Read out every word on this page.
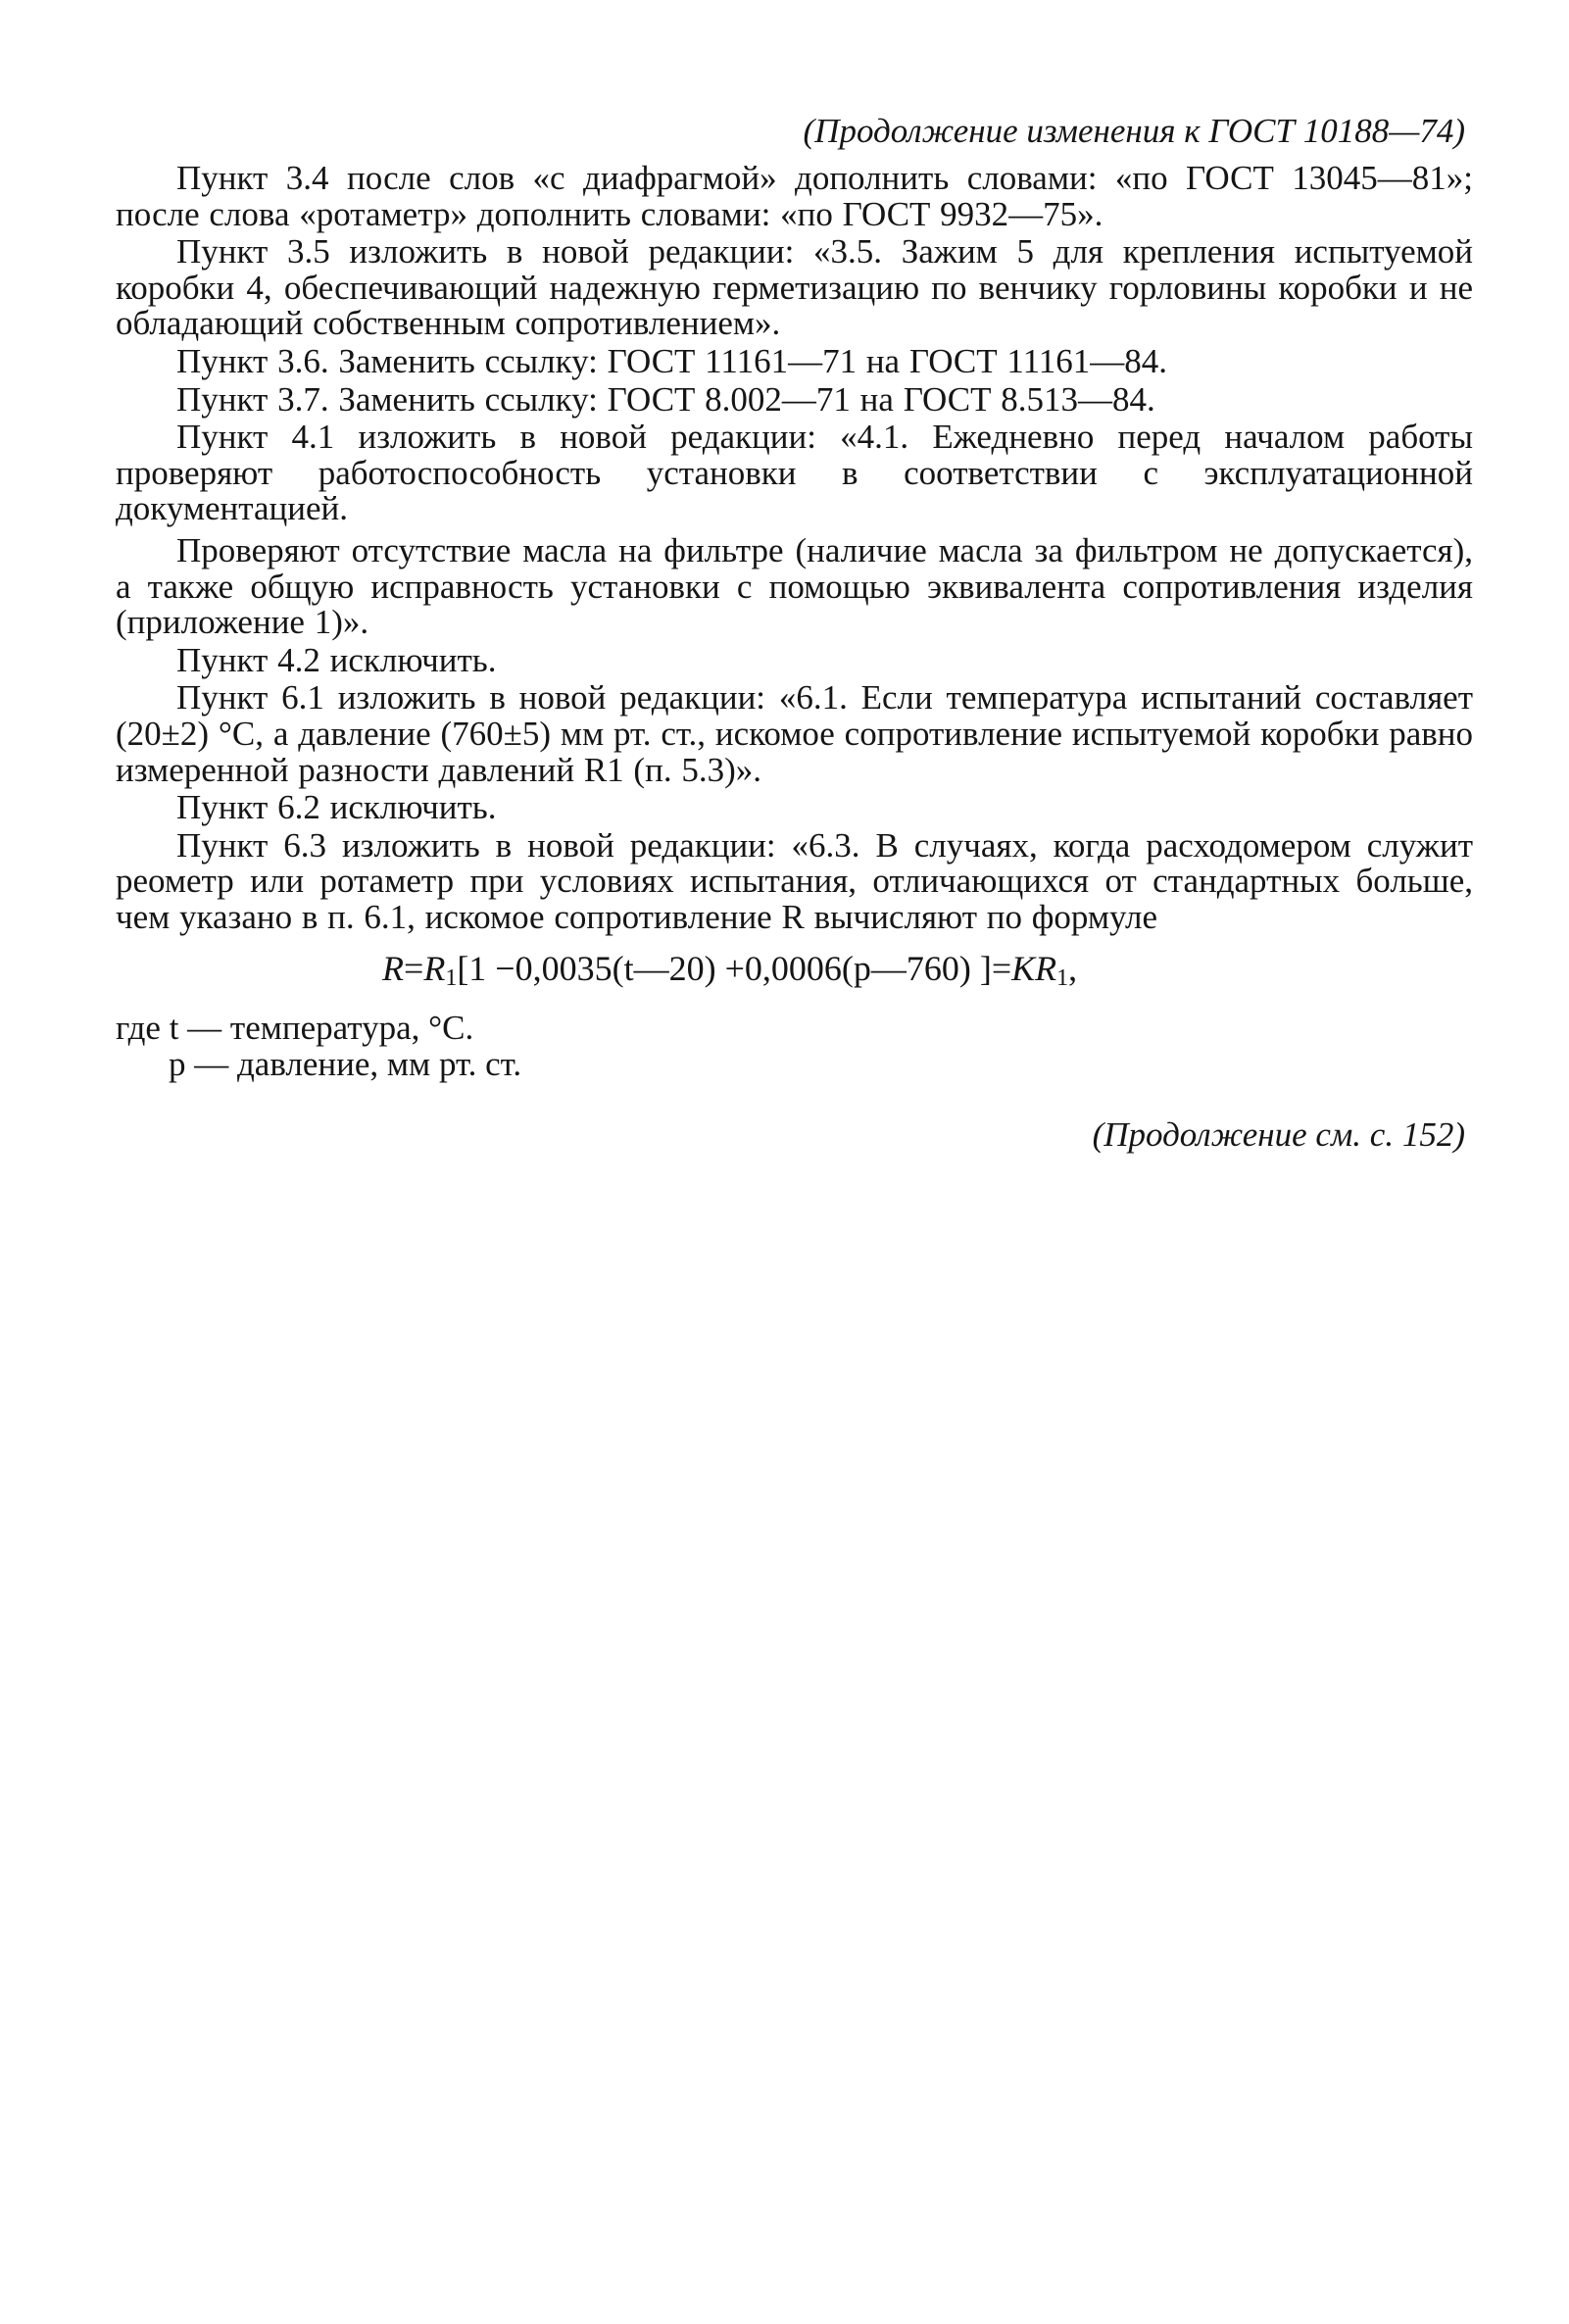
(Продолжение изменения к ГОСТ 10188—74)

Пункт 3.4 после слов «с диафрагмой» дополнить словами: «по ГОСТ 13045—81»; после слова «ротаметр» дополнить словами: «по ГОСТ 9932—75».

Пункт 3.5 изложить в новой редакции: «3.5. Зажим 5 для крепления испытуемой коробки 4, обеспечивающий надежную герметизацию по венчику горловины коробки и не обладающий собственным сопротивлением».

Пункт 3.6. Заменить ссылку: ГОСТ 11161—71 на ГОСТ 11161—84.

Пункт 3.7. Заменить ссылку: ГОСТ 8.002—71 на ГОСТ 8.513—84.

Пункт 4.1 изложить в новой редакции: «4.1. Ежедневно перед началом работы проверяют работоспособность установки в соответствии с эксплуатационной документацией.

Проверяют отсутствие масла на фильтре (наличие масла за фильтром не допускается), а также общую исправность установки с помощью эквивалента сопротивления изделия (приложение 1)».

Пункт 4.2 исключить.

Пункт 6.1 изложить в новой редакции: «6.1. Если температура испытаний составляет (20±2) °С, а давление (760±5) мм рт. ст., искомое сопротивление испытуемой коробки равно измеренной разности давлений R1 (п. 5.3)».

Пункт 6.2 исключить.

Пункт 6.3 изложить в новой редакции: «6.3. В случаях, когда расходомером служит реометр или ротаметр при условиях испытания, отличающихся от стандартных больше, чем указано в п. 6.1, искомое сопротивление R вычисляют по формуле

$R=R_1[1$ −0,0035(t—20) +0,0006(p—760) ]$=KR_1$,

где t — температура, °С.

p — давление, мм рт. ст.

(Продолжение см. с. 152)
